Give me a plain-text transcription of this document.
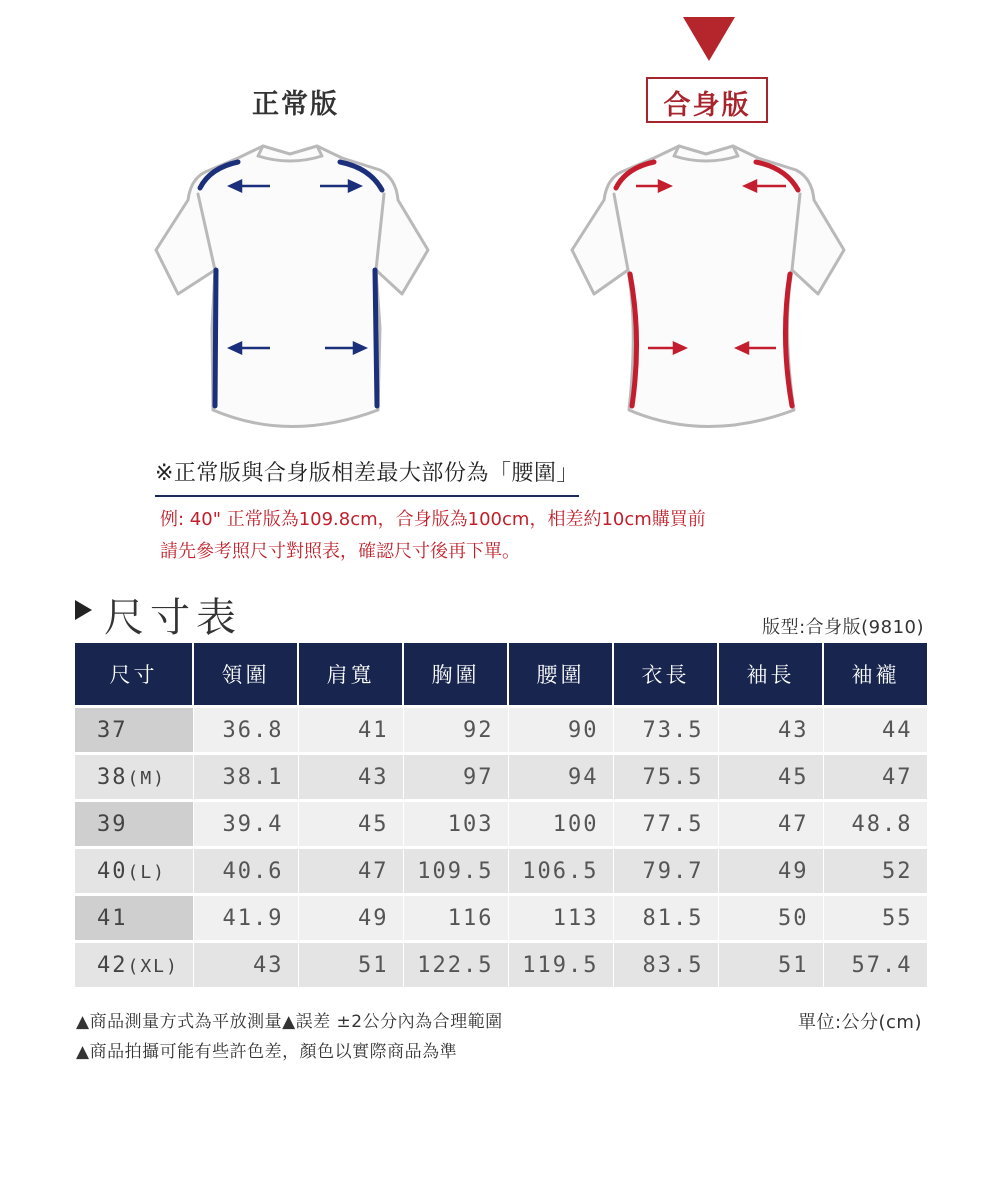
正常版	合身版
※正常版與合身版相差最大部份為「腰圍」
例: 40" 正常版為109.8cm，合身版為100cm，相差約10cm購買前
請先參考照尺寸對照表，確認尺寸後再下單。
尺寸表	版型:合身版(9810)
尺寸	領圍	肩寬	胸圍	腰圍	衣長	袖長	袖襱
37	36.8	41	92	90	73.5	43	44
38(M)	38.1	43	97	94	75.5	45	47
39	39.4	45	103	100	77.5	47	48.8
40(L)	40.6	47	109.5	106.5	79.7	49	52
41	41.9	49	116	113	81.5	50	55
42(XL)	43	51	122.5	119.5	83.5	51	57.4
▲商品測量方式為平放測量▲誤差 ±2公分內為合理範圍
▲商品拍攝可能有些許色差，顏色以實際商品為準
單位:公分(cm)
